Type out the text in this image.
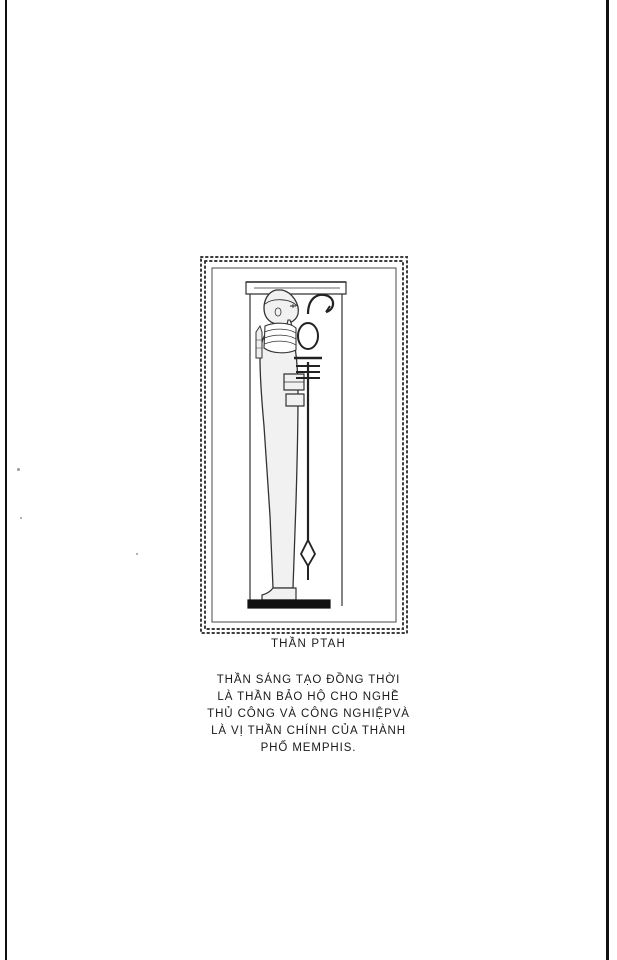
THẦN PTAH
THẦN SÁNG TẠO ĐỒNG THỜI
LÀ THẦN BẢO HỘ CHO NGHỀ
THỦ CÔNG VÀ CÔNG NGHIỆPVÀ
LÀ VỊ THẦN CHÍNH CỦA THÀNH
PHỐ MEMPHIS.
